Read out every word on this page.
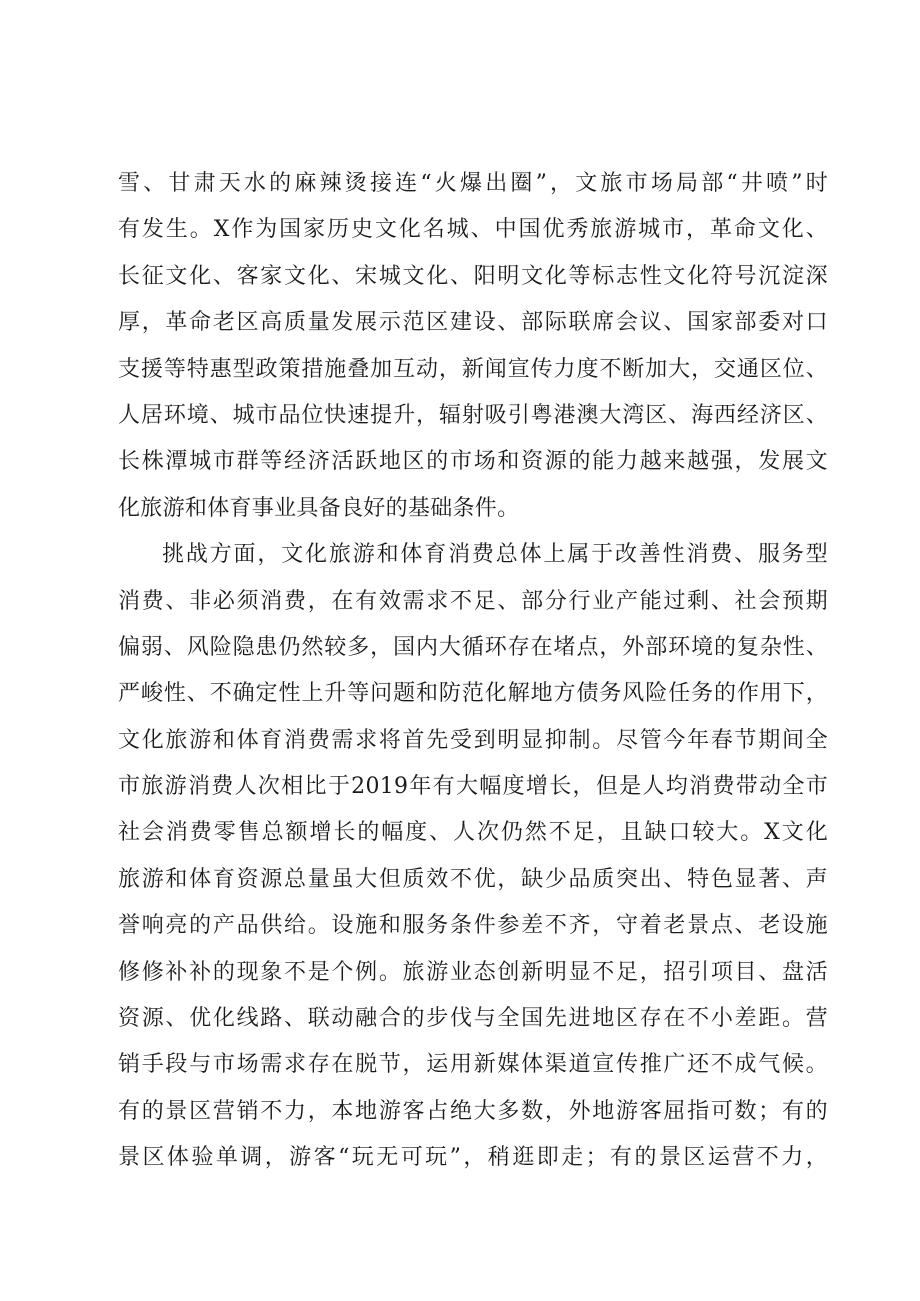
雪、甘肃天水的麻辣烫接连“火爆出圈”，文旅市场局部“井喷”时
有发生。X作为国家历史文化名城、中国优秀旅游城市，革命文化、
长征文化、客家文化、宋城文化、阳明文化等标志性文化符号沉淀深
厚，革命老区高质量发展示范区建设、部际联席会议、国家部委对口
支援等特惠型政策措施叠加互动，新闻宣传力度不断加大，交通区位、
人居环境、城市品位快速提升，辐射吸引粤港澳大湾区、海西经济区、
长株潭城市群等经济活跃地区的市场和资源的能力越来越强，发展文
化旅游和体育事业具备良好的基础条件。
挑战方面，文化旅游和体育消费总体上属于改善性消费、服务型
消费、非必须消费，在有效需求不足、部分行业产能过剩、社会预期
偏弱、风险隐患仍然较多，国内大循环存在堵点，外部环境的复杂性、
严峻性、不确定性上升等问题和防范化解地方债务风险任务的作用下，
文化旅游和体育消费需求将首先受到明显抑制。尽管今年春节期间全
市旅游消费人次相比于2019年有大幅度增长，但是人均消费带动全市
社会消费零售总额增长的幅度、人次仍然不足，且缺口较大。X文化
旅游和体育资源总量虽大但质效不优，缺少品质突出、特色显著、声
誉响亮的产品供给。设施和服务条件参差不齐，守着老景点、老设施
修修补补的现象不是个例。旅游业态创新明显不足，招引项目、盘活
资源、优化线路、联动融合的步伐与全国先进地区存在不小差距。营
销手段与市场需求存在脱节，运用新媒体渠道宣传推广还不成气候。
有的景区营销不力，本地游客占绝大多数，外地游客屈指可数；有的
景区体验单调，游客“玩无可玩”，稍逛即走；有的景区运营不力，
